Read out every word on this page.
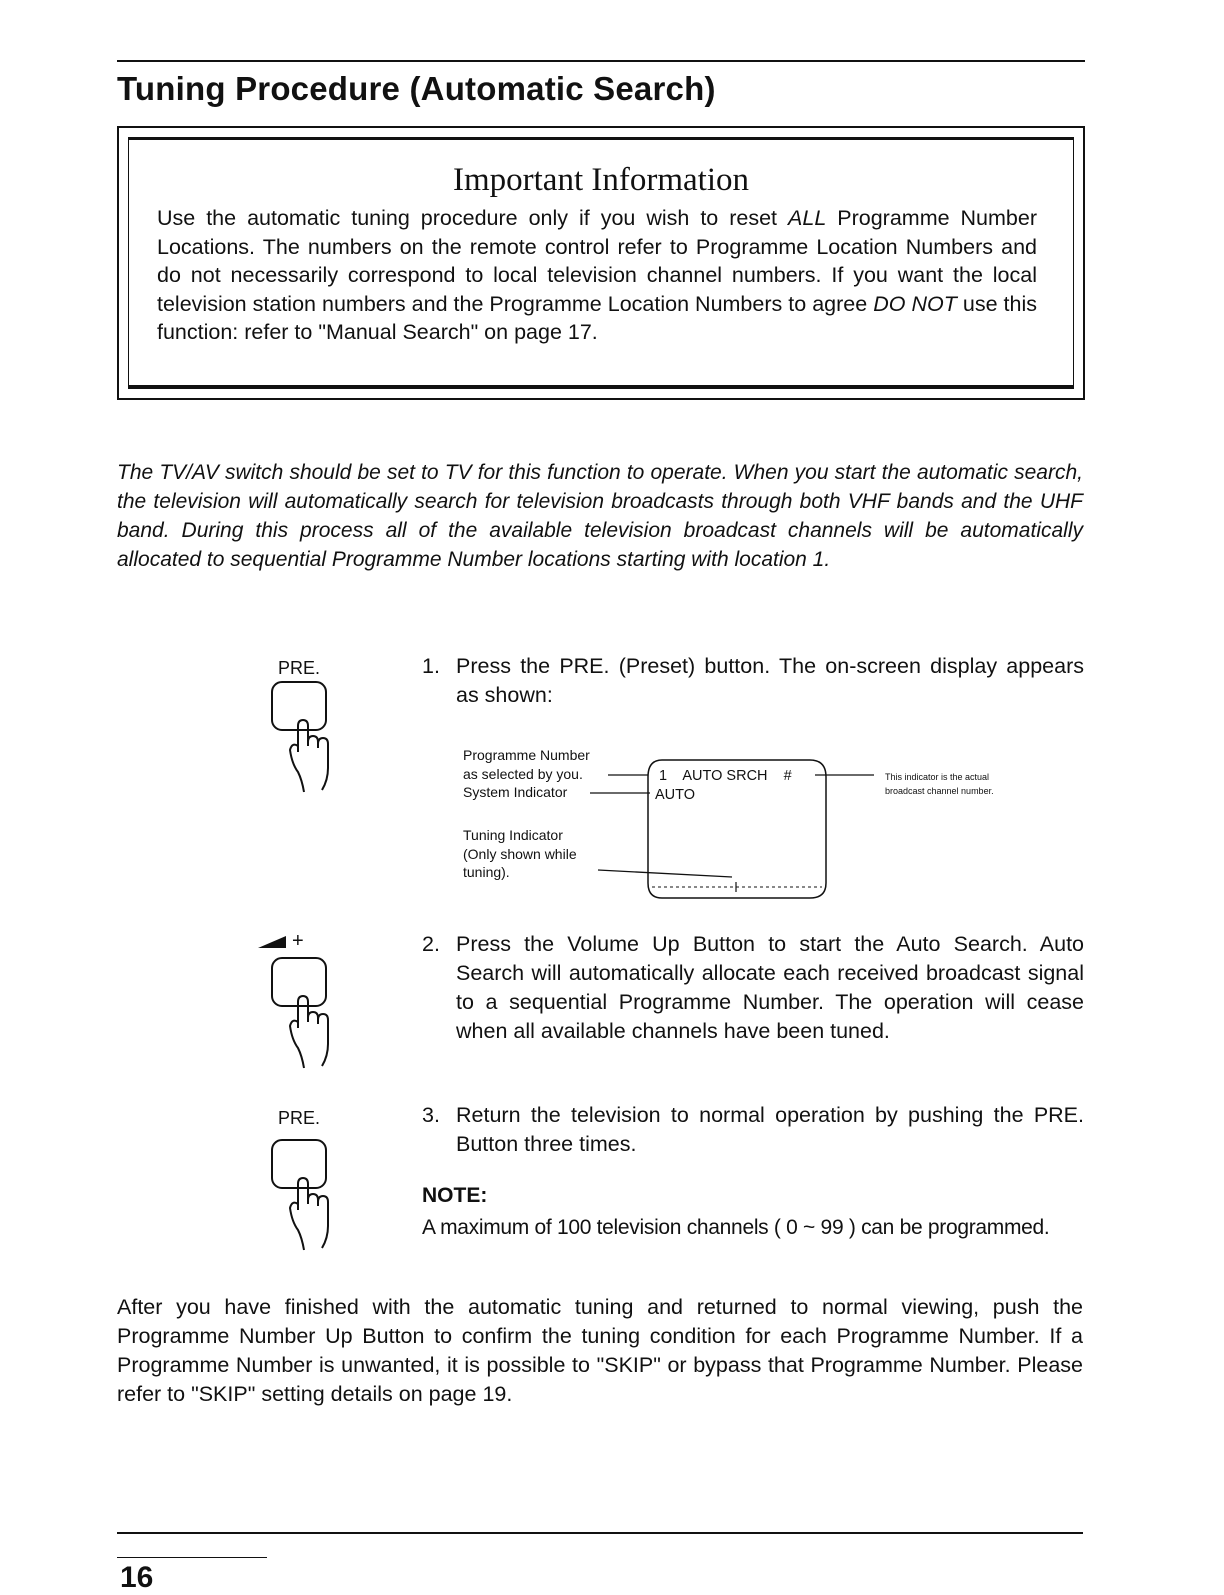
Tuning Procedure (Automatic Search)
Important Information

Use the automatic tuning procedure only if you wish to reset ALL Programme Number Locations. The numbers on the remote control refer to Programme Location Numbers and do not necessarily correspond to local television channel numbers. If you want the local television station numbers and the Programme Location Numbers to agree DO NOT use this function: refer to "Manual Search" on page 17.

The TV/AV switch should be set to TV for this function to operate. When you start the automatic search, the television will automatically search for television broadcasts through both VHF bands and the UHF band. During this process all of the available television broadcast channels will be automatically allocated to sequential Programme Number locations starting with location 1.

PRE.	1. Press the PRE. (Preset) button. The on-screen display appears as shown:
Programme Number
as selected by you.
System Indicator
Tuning Indicator
(Only shown while
tuning).
1    AUTO SRCH    #
AUTO
This indicator is the actual
broadcast channel number.
+	2. Press the Volume Up Button to start the Auto Search. Auto Search will automatically allocate each received broadcast signal to a sequential Programme Number. The operation will cease when all available channels have been tuned.
PRE.	3. Return the television to normal operation by pushing the PRE. Button three times.

NOTE:

A maximum of 100 television channels ( 0 ~ 99 ) can be programmed.

After you have finished with the automatic tuning and returned to normal viewing, push the Programme Number Up Button to confirm the tuning condition for each Programme Number. If a Programme Number is unwanted, it is possible to "SKIP" or bypass that Programme Number. Please refer to "SKIP" setting details on page 19.

16
